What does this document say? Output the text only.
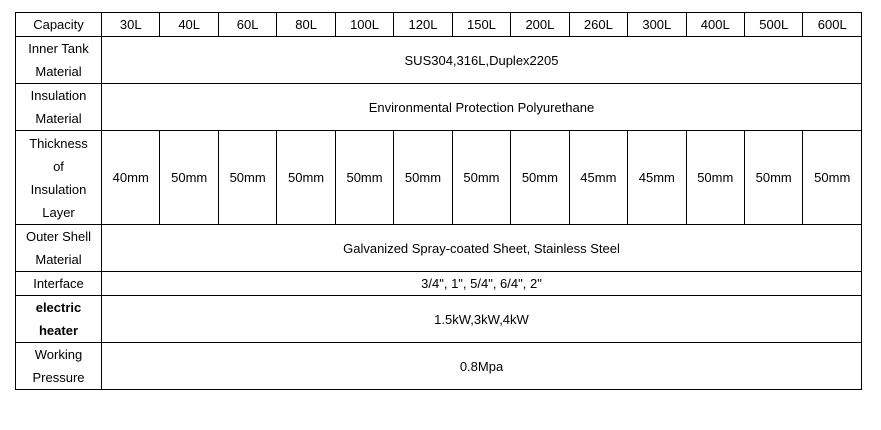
Capacity	30L	40L	60L	80L	100L	120L	150L	200L	260L	300L	400L	500L	600L

Inner Tank
Material	SUS304,316L,Duplex2205												

Insulation
Material	Environmental Protection Polyurethane												

Thickness
of
Insulation
Layer	40mm	50mm	50mm	50mm	50mm	50mm	50mm	50mm	45mm	45mm	50mm	50mm	50mm

Outer Shell
Material	Galvanized Spray-coated Sheet, Stainless Steel												
Interface	3/4", 1", 5/4", 6/4", 2"												

electric
heater	1.5kW,3kW,4kW												

Working
Pressure	0.8Mpa												
